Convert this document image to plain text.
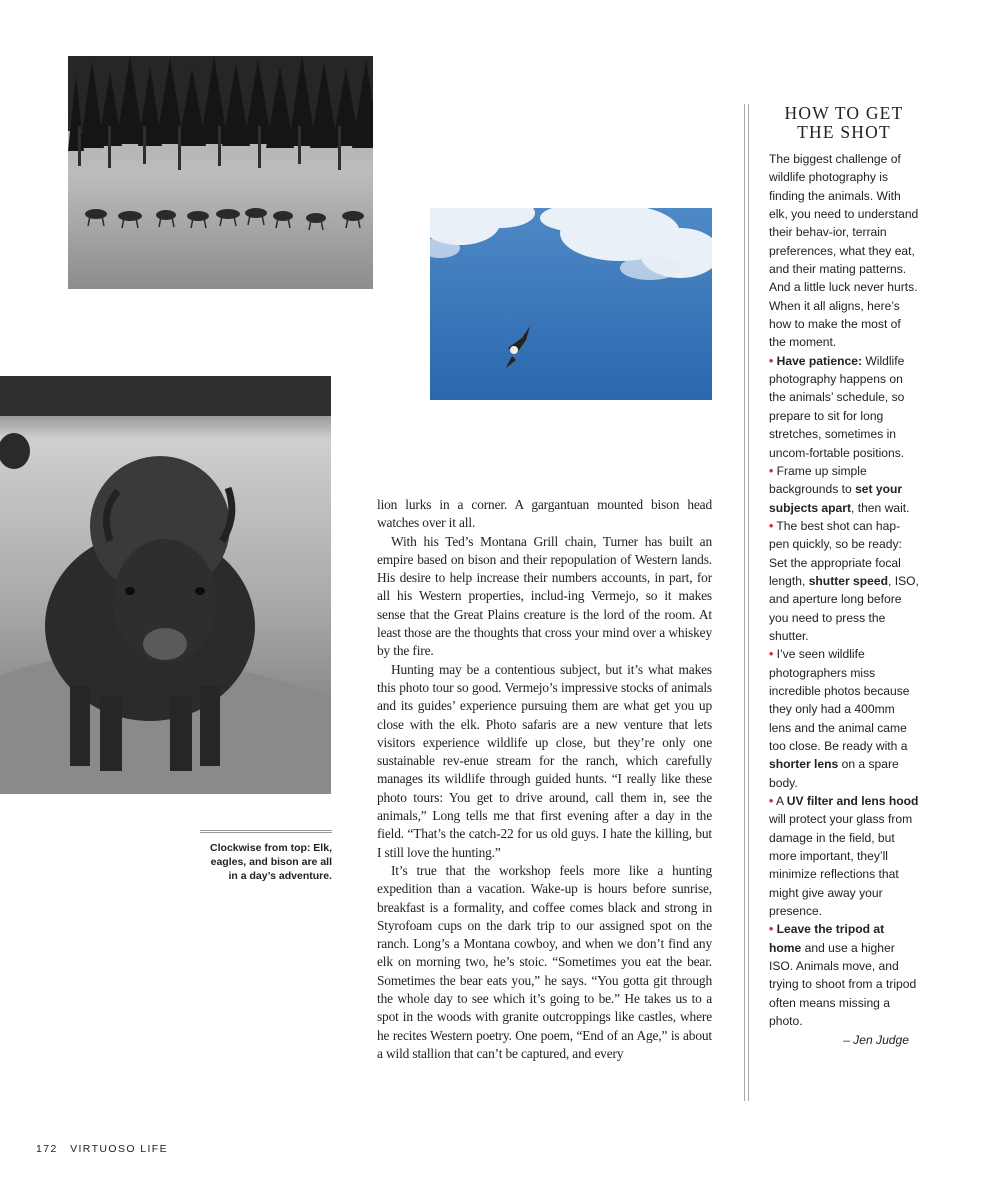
Clockwise from top: Elk, eagles, and bison are all in a day’s adventure.

lion lurks in a corner. A gargantuan mounted bison head watches over it all.

With his Ted’s Montana Grill chain, Turner has built an empire based on bison and their repopulation of Western lands. His desire to help increase their numbers accounts, in part, for all his Western properties, includ-ing Vermejo, so it makes sense that the Great Plains creature is the lord of the room. At least those are the thoughts that cross your mind over a whiskey by the fire.

Hunting may be a contentious subject, but it’s what makes this photo tour so good. Vermejo’s impressive stocks of animals and its guides’ experience pursuing them are what get you up close with the elk. Photo safaris are a new venture that lets visitors experience wildlife up close, but they’re only one sustainable rev-enue stream for the ranch, which carefully manages its wildlife through guided hunts. “I really like these photo tours: You get to drive around, call them in, see the animals,” Long tells me that first evening after a day in the field. “That’s the catch-22 for us old guys. I hate the killing, but I still love the hunting.”

It’s true that the workshop feels more like a hunting expedition than a vacation. Wake-up is hours before sunrise, breakfast is a formality, and coffee comes black and strong in Styrofoam cups on the dark trip to our assigned spot on the ranch. Long’s a Montana cowboy, and when we don’t find any elk on morning two, he’s stoic. “Sometimes you eat the bear. Sometimes the bear eats you,” he says. “You gotta git through the whole day to see which it’s going to be.” He takes us to a spot in the woods with granite outcroppings like castles, where he recites Western poetry. One poem, “End of an Age,” is about a wild stallion that can’t be captured, and every

HOW TO GET THE SHOT

The biggest challenge of wildlife photography is finding the animals. With elk, you need to understand their behav-ior, terrain preferences, what they eat, and their mating patterns. And a little luck never hurts. When it all aligns, here’s how to make the most of the moment.

• Have patience: Wildlife photography happens on the animals’ schedule, so prepare to sit for long stretches, sometimes in uncom-fortable positions.

• Frame up simple backgrounds to set your subjects apart, then wait.

• The best shot can hap-pen quickly, so be ready: Set the appropriate focal length, shutter speed, ISO, and aperture long before you need to press the shutter.

• I’ve seen wildlife photographers miss incredible photos because they only had a 400mm lens and the animal came too close. Be ready with a shorter lens on a spare body.

• A UV filter and lens hood will protect your glass from damage in the field, but more important, they’ll minimize reflections that might give away your presence.

• Leave the tripod at home and use a higher ISO. Animals move, and trying to shoot from a tripod often means missing a photo.

– Jen Judge

172 VIRTUOSO LIFE
